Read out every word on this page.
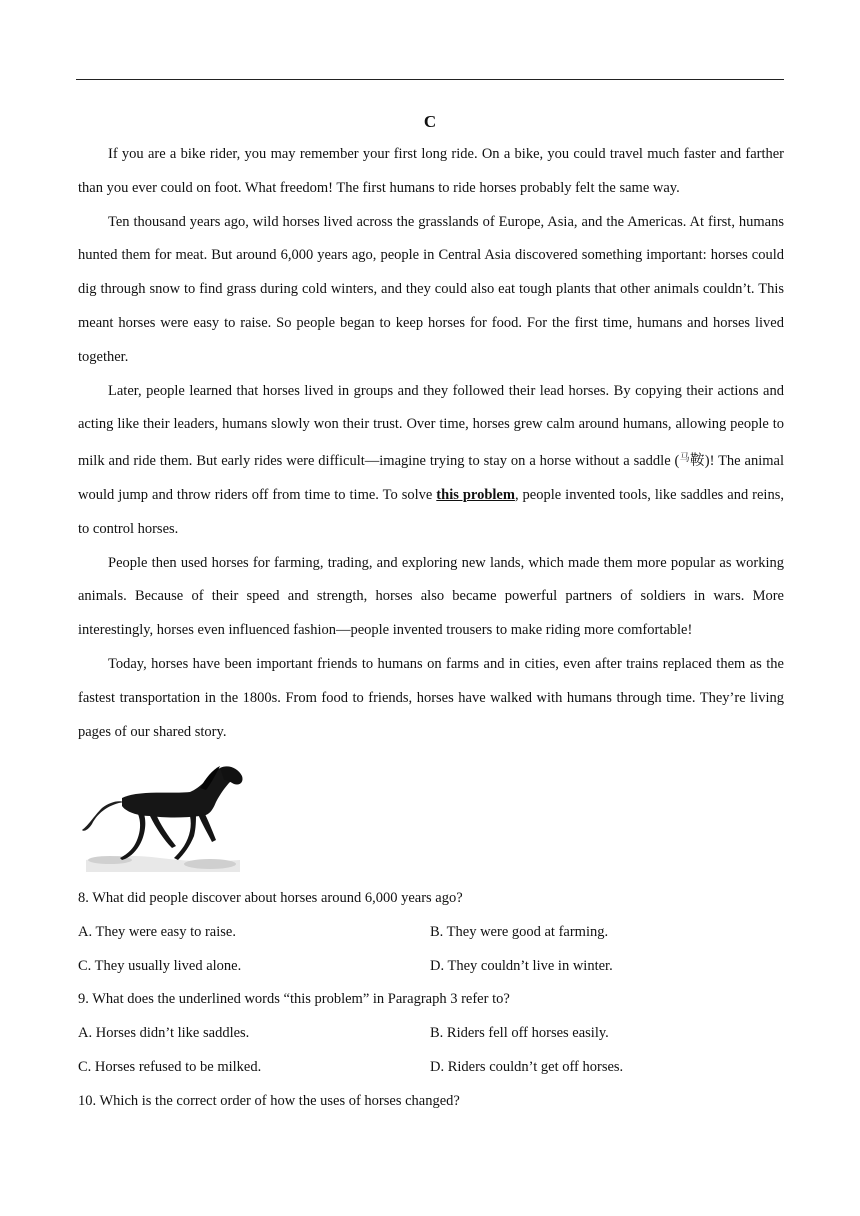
C

If you are a bike rider, you may remember your first long ride. On a bike, you could travel much faster and farther than you ever could on foot. What freedom! The first humans to ride horses probably felt the same way.

Ten thousand years ago, wild horses lived across the grasslands of Europe, Asia, and the Americas. At first, humans hunted them for meat. But around 6,000 years ago, people in Central Asia discovered something important: horses could dig through snow to find grass during cold winters, and they could also eat tough plants that other animals couldn’t. This meant horses were easy to raise. So people began to keep horses for food. For the first time, humans and horses lived together.

Later, people learned that horses lived in groups and they followed their lead horses. By copying their actions and acting like their leaders, humans slowly won their trust. Over time, horses grew calm around humans, allowing people to milk and ride them. But early rides were difficult—imagine trying to stay on a horse without a saddle ($^马$鞍)! The animal would jump and throw riders off from time to time. To solve this problem, people invented tools, like saddles and reins, to control horses.

People then used horses for farming, trading, and exploring new lands, which made them more popular as working animals. Because of their speed and strength, horses also became powerful partners of soldiers in wars. More interestingly, horses even influenced fashion—people invented trousers to make riding more comfortable!

Today, horses have been important friends to humans on farms and in cities, even after trains replaced them as the fastest transportation in the 1800s. From food to friends, horses have walked with humans through time. They’re living pages of our shared story.

8. What did people discover about horses around 6,000 years ago?
A. They were easy to raise.	B. They were good at farming.
C. They usually lived alone.	D. They couldn’t live in winter.
9. What does the underlined words “this problem” in Paragraph 3 refer to?
A. Horses didn’t like saddles.	B. Riders fell off horses easily.
C. Horses refused to be milked.	D. Riders couldn’t get off horses.
10. Which is the correct order of how the uses of horses changed?
